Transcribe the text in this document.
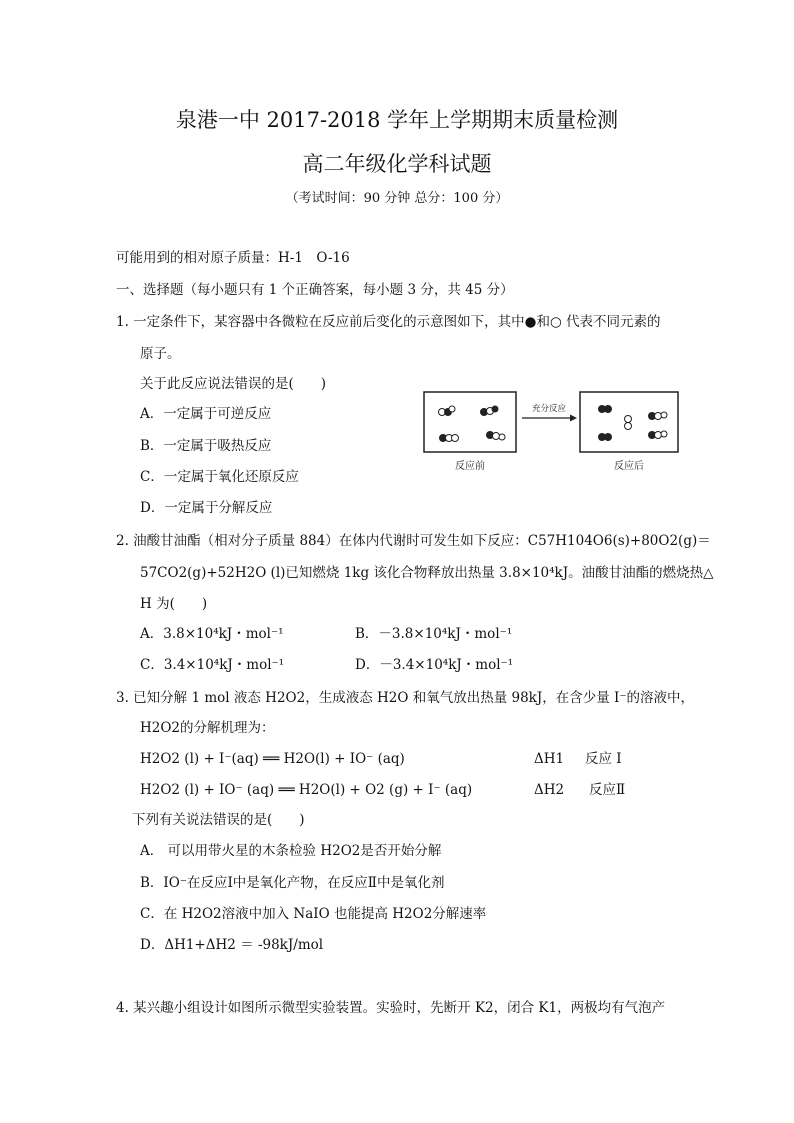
泉港一中 2017-2018 学年上学期期末质量检测
高二年级化学科试题
（考试时间：90 分钟 总分：100 分）
可能用到的相对原子质量：H-1　O-16
一、选择题（每小题只有 1 个正确答案，每小题 3 分，共 45 分）
1. 一定条件下，某容器中各微粒在反应前后变化的示意图如下，其中●和○ 代表不同元素的
原子。
关于此反应说法错误的是(　　)
A．一定属于可逆反应
B．一定属于吸热反应
C．一定属于氧化还原反应
D．一定属于分解反应
充分反应
反应前	反应后
2. 油酸甘油酯（相对分子质量 884）在体内代谢时可发生如下反应：C57H104O6(s)+80O2(g)＝
57CO2(g)+52H2O (l)已知燃烧 1kg 该化合物释放出热量 3.8×10⁴kJ。油酸甘油酯的燃烧热△
H 为(　　)
A．3.8×10⁴kJ・mol⁻¹	B．－3.8×10⁴kJ・mol⁻¹
C．3.4×10⁴kJ・mol⁻¹	D．－3.4×10⁴kJ・mol⁻¹
3. 已知分解 1 mol 液态 H2O2，生成液态 H2O 和氧气放出热量 98kJ，在含少量 I⁻的溶液中，
H2O2的分解机理为：
H2O2 (l) + I⁻(aq) ══ H2O(l) + IO⁻ (aq)	ΔH1 反应 Ⅰ
H2O2 (l) + IO⁻ (aq) ══ H2O(l) + O2 (g) + I⁻ (aq)	ΔH2 反应Ⅱ
下列有关说法错误的是(　　)
A． 可以用带火星的木条检验 H2O2是否开始分解
B．IO⁻在反应Ⅰ中是氧化产物，在反应Ⅱ中是氧化剂
C．在 H2O2溶液中加入 NaIO 也能提高 H2O2分解速率
D．ΔH1+ΔH2 ＝ -98kJ/mol
4. 某兴趣小组设计如图所示微型实验装置。实验时，先断开 K2，闭合 K1，两极均有气泡产
